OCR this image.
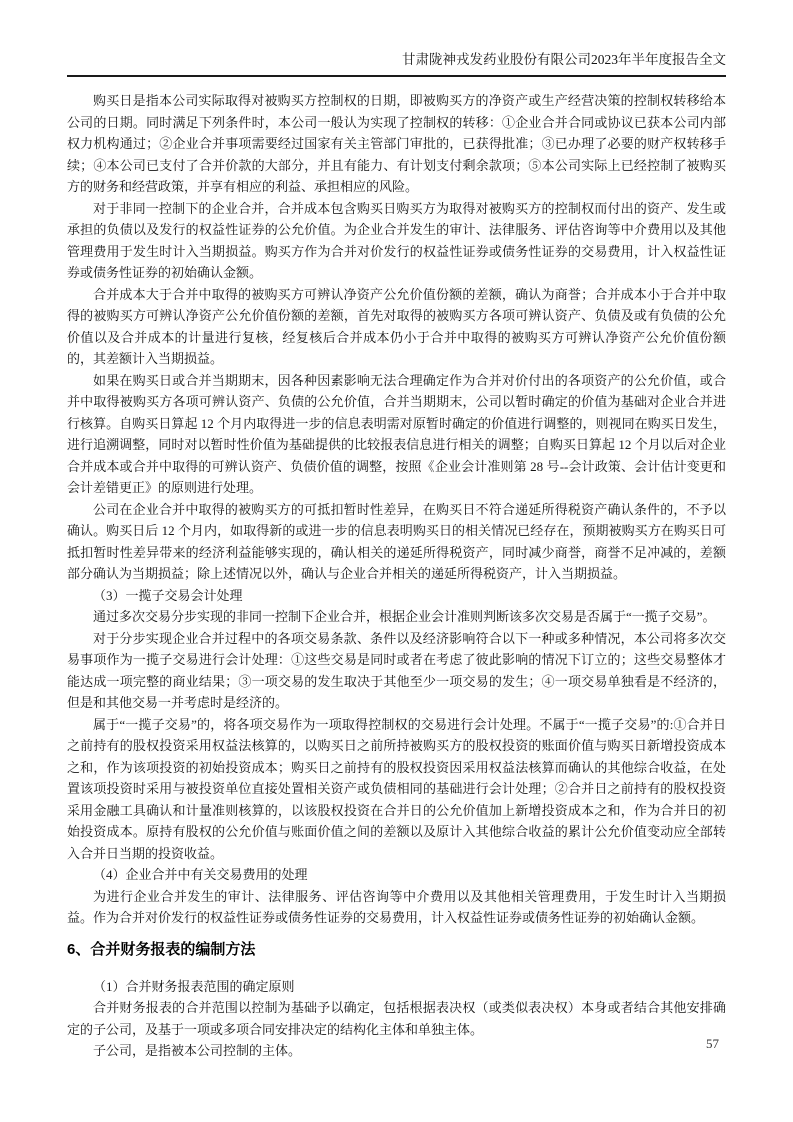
甘肃陇神戎发药业股份有限公司2023年半年度报告全文

购买日是指本公司实际取得对被购买方控制权的日期，即被购买方的净资产或生产经营决策的控制权转移给本公司的日期。同时满足下列条件时，本公司一般认为实现了控制权的转移：①企业合并合同或协议已获本公司内部权力机构通过；②企业合并事项需要经过国家有关主管部门审批的，已获得批准；③已办理了必要的财产权转移手续；④本公司已支付了合并价款的大部分，并且有能力、有计划支付剩余款项；⑤本公司实际上已经控制了被购买方的财务和经营政策，并享有相应的利益、承担相应的风险。

对于非同一控制下的企业合并，合并成本包含购买日购买方为取得对被购买方的控制权而付出的资产、发生或承担的负债以及发行的权益性证券的公允价值。为企业合并发生的审计、法律服务、评估咨询等中介费用以及其他管理费用于发生时计入当期损益。购买方作为合并对价发行的权益性证券或债务性证券的交易费用，计入权益性证券或债务性证券的初始确认金额。

合并成本大于合并中取得的被购买方可辨认净资产公允价值份额的差额，确认为商誉；合并成本小于合并中取得的被购买方可辨认净资产公允价值份额的差额，首先对取得的被购买方各项可辨认资产、负债及或有负债的公允价值以及合并成本的计量进行复核，经复核后合并成本仍小于合并中取得的被购买方可辨认净资产公允价值份额的，其差额计入当期损益。

如果在购买日或合并当期期末，因各种因素影响无法合理确定作为合并对价付出的各项资产的公允价值，或合并中取得被购买方各项可辨认资产、负债的公允价值，合并当期期末，公司以暂时确定的价值为基础对企业合并进行核算。自购买日算起 12 个月内取得进一步的信息表明需对原暂时确定的价值进行调整的，则视同在购买日发生，进行追溯调整，同时对以暂时性价值为基础提供的比较报表信息进行相关的调整；自购买日算起 12 个月以后对企业合并成本或合并中取得的可辨认资产、负债价值的调整，按照《企业会计准则第 28 号--会计政策、会计估计变更和会计差错更正》的原则进行处理。

公司在企业合并中取得的被购买方的可抵扣暂时性差异，在购买日不符合递延所得税资产确认条件的，不予以确认。购买日后 12 个月内，如取得新的或进一步的信息表明购买日的相关情况已经存在，预期被购买方在购买日可抵扣暂时性差异带来的经济利益能够实现的，确认相关的递延所得税资产，同时减少商誉，商誉不足冲减的，差额部分确认为当期损益；除上述情况以外，确认与企业合并相关的递延所得税资产，计入当期损益。

（3）一揽子交易会计处理

通过多次交易分步实现的非同一控制下企业合并，根据企业会计准则判断该多次交易是否属于“一揽子交易”。

对于分步实现企业合并过程中的各项交易条款、条件以及经济影响符合以下一种或多种情况，本公司将多次交易事项作为一揽子交易进行会计处理：①这些交易是同时或者在考虑了彼此影响的情况下订立的；这些交易整体才能达成一项完整的商业结果；③一项交易的发生取决于其他至少一项交易的发生；④一项交易单独看是不经济的，但是和其他交易一并考虑时是经济的。

属于“一揽子交易”的，将各项交易作为一项取得控制权的交易进行会计处理。不属于“一揽子交易”的:①合并日之前持有的股权投资采用权益法核算的，以购买日之前所持被购买方的股权投资的账面价值与购买日新增投资成本之和，作为该项投资的初始投资成本；购买日之前持有的股权投资因采用权益法核算而确认的其他综合收益，在处置该项投资时采用与被投资单位直接处置相关资产或负债相同的基础进行会计处理；②合并日之前持有的股权投资采用金融工具确认和计量准则核算的，以该股权投资在合并日的公允价值加上新增投资成本之和，作为合并日的初始投资成本。原持有股权的公允价值与账面价值之间的差额以及原计入其他综合收益的累计公允价值变动应全部转入合并日当期的投资收益。

（4）企业合并中有关交易费用的处理

为进行企业合并发生的审计、法律服务、评估咨询等中介费用以及其他相关管理费用，于发生时计入当期损益。作为合并对价发行的权益性证券或债务性证券的交易费用，计入权益性证券或债务性证券的初始确认金额。

6、合并财务报表的编制方法

（1）合并财务报表范围的确定原则

合并财务报表的合并范围以控制为基础予以确定，包括根据表决权（或类似表决权）本身或者结合其他安排确定的子公司，及基于一项或多项合同安排决定的结构化主体和单独主体。

子公司，是指被本公司控制的主体。	57
